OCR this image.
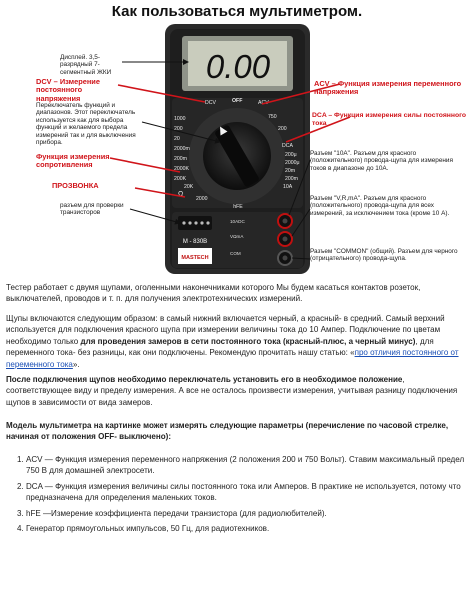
Как пользоваться мультиметром.
0.00
DCV	OFF	ACV
750
200
DCA
10A
hFE
Ω
1000
200
20
2000m
200m
2000K
200K
20K
2000
200μ
2000μ
20m
200m
M - 830B
MASTECH
10ADC
VΩmA
COM
Дисплей. 3,5-разрядный 7-сегментный ЖКИ
DCV – Измерение постоянного напряжения
Переключатель функций и диапазонов. Этот переключатель используется как для выбора функций и желаемого предела измерений так и для выключения прибора.
Функция измерения сопротивления
ПРОЗВОНКА
разъем для проверки транзисторов
ACV – Функция измерения переменного напряжения
DCA – Функция измерения силы постоянного тока
Разъем "10А". Разъем для красного (положительного) провода-щупа для измерения токов в диапазоне до 10А.
Разъем "V,R,mA". Разъем для красного (положительного) провода-щупа для всех измерений, за исключением тока (кроме 10 А).
Разъем "COMMON" (общий). Разъем для черного (отрицательного) провода-щупа.

Тестер работает с двумя щупами, оголенными наконечниками которого Мы будем касаться контактов розеток, выключателей, проводов и т. п. для получения электротехнических измерений.

Щупы включаются следующим образом: в самый нижний включается черный, а красный- в средний. Самый верхний используется для подключения красного щупа при измерении величины тока до 10 Ампер. Подключение по цветам необходимо только для проведения замеров в сети постоянного тока (красный-плюс, а черный минус), для переменного тока- без разницы, как они подключены. Рекомендую прочитать нашу статью: «про отличия постоянного от переменного тока».

После подключения щупов необходимо переключатель установить его в необходимое положение, соответствующее виду и пределу измерения. А все не осталось произвести измерения, учитывая разницу подключения щупов в зависимости от вида замеров.

Модель мультиметра на картинке может измерять следующие параметры (перечисление по часовой стрелке, начиная от положения OFF- выключено):
1. ACV — Функция измерения переменного напряжения (2 положения 200 и 750 Вольт). Ставим максимальный предел 750 В для домашней электросети.
2. DCA — Функция измерения величины силы постоянного тока или Амперов. В практике не используется, потому что предназначена для определения маленьких токов.
3. hFE —Измерение коэффициента передачи транзистора (для радиолюбителей).
4. Генератор прямоугольных импульсов, 50 Гц, для радиотехников.
